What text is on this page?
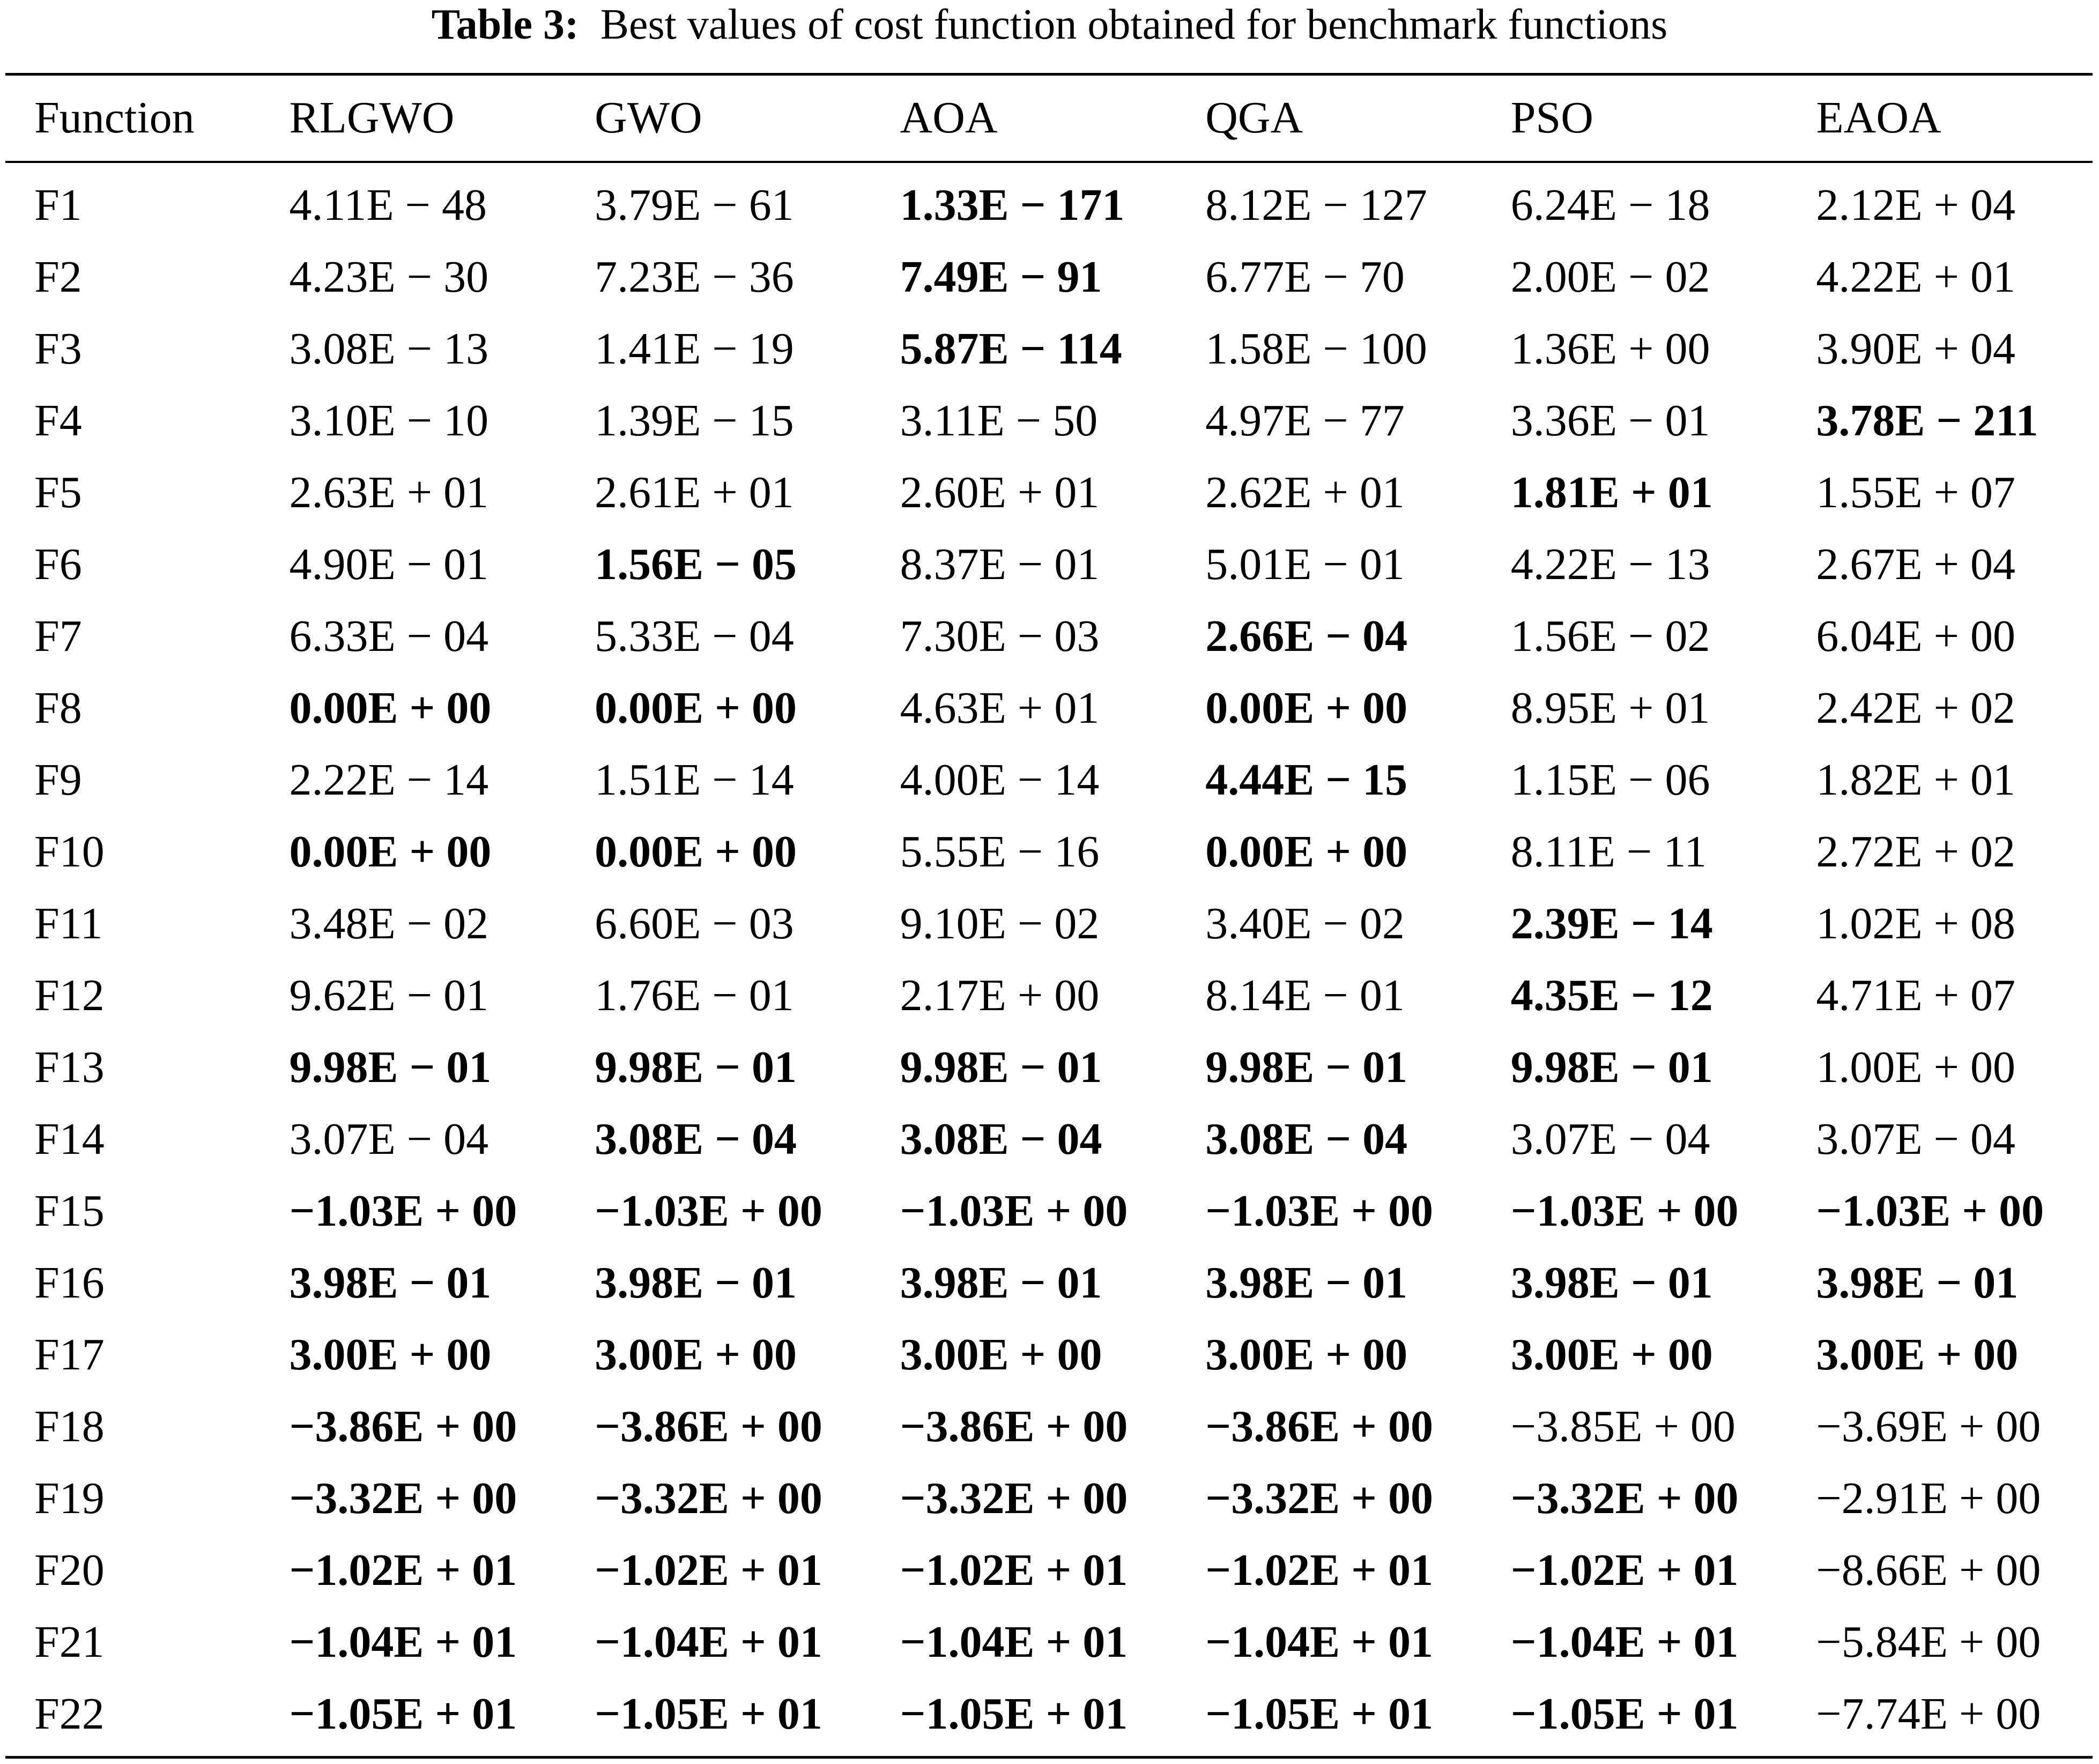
Table 3: Best values of cost function obtained for benchmark functions
Function	RLGWO	GWO	AOA	QGA	PSO	EAOA
F1	4.11E − 48	3.79E − 61	1.33E − 171	8.12E − 127	6.24E − 18	2.12E + 04
F2	4.23E − 30	7.23E − 36	7.49E − 91	6.77E − 70	2.00E − 02	4.22E + 01
F3	3.08E − 13	1.41E − 19	5.87E − 114	1.58E − 100	1.36E + 00	3.90E + 04
F4	3.10E − 10	1.39E − 15	3.11E − 50	4.97E − 77	3.36E − 01	3.78E − 211
F5	2.63E + 01	2.61E + 01	2.60E + 01	2.62E + 01	1.81E + 01	1.55E + 07
F6	4.90E − 01	1.56E − 05	8.37E − 01	5.01E − 01	4.22E − 13	2.67E + 04
F7	6.33E − 04	5.33E − 04	7.30E − 03	2.66E − 04	1.56E − 02	6.04E + 00
F8	0.00E + 00	0.00E + 00	4.63E + 01	0.00E + 00	8.95E + 01	2.42E + 02
F9	2.22E − 14	1.51E − 14	4.00E − 14	4.44E − 15	1.15E − 06	1.82E + 01
F10	0.00E + 00	0.00E + 00	5.55E − 16	0.00E + 00	8.11E − 11	2.72E + 02
F11	3.48E − 02	6.60E − 03	9.10E − 02	3.40E − 02	2.39E − 14	1.02E + 08
F12	9.62E − 01	1.76E − 01	2.17E + 00	8.14E − 01	4.35E − 12	4.71E + 07
F13	9.98E − 01	9.98E − 01	9.98E − 01	9.98E − 01	9.98E − 01	1.00E + 00
F14	3.07E − 04	3.08E − 04	3.08E − 04	3.08E − 04	3.07E − 04	3.07E − 04
F15	−1.03E + 00	−1.03E + 00	−1.03E + 00	−1.03E + 00	−1.03E + 00	−1.03E + 00
F16	3.98E − 01	3.98E − 01	3.98E − 01	3.98E − 01	3.98E − 01	3.98E − 01
F17	3.00E + 00	3.00E + 00	3.00E + 00	3.00E + 00	3.00E + 00	3.00E + 00
F18	−3.86E + 00	−3.86E + 00	−3.86E + 00	−3.86E + 00	−3.85E + 00	−3.69E + 00
F19	−3.32E + 00	−3.32E + 00	−3.32E + 00	−3.32E + 00	−3.32E + 00	−2.91E + 00
F20	−1.02E + 01	−1.02E + 01	−1.02E + 01	−1.02E + 01	−1.02E + 01	−8.66E + 00
F21	−1.04E + 01	−1.04E + 01	−1.04E + 01	−1.04E + 01	−1.04E + 01	−5.84E + 00
F22	−1.05E + 01	−1.05E + 01	−1.05E + 01	−1.05E + 01	−1.05E + 01	−7.74E + 00
